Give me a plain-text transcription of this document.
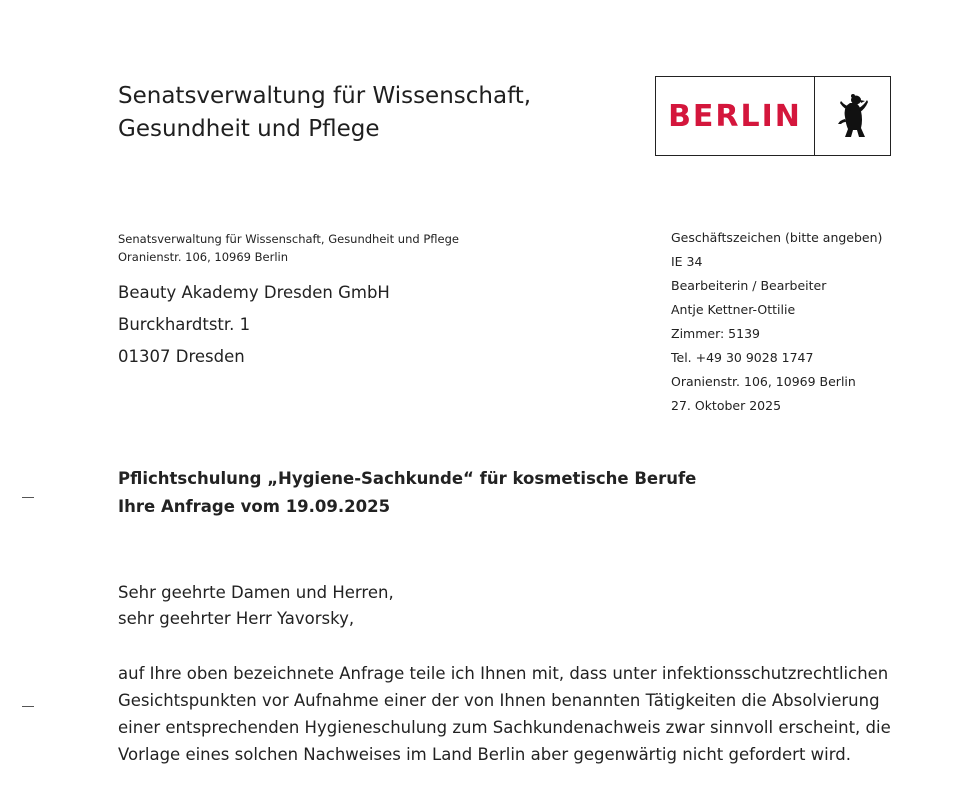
Senatsverwaltung für Wissenschaft,
Gesundheit und Pflege	BERLIN
Senatsverwaltung für Wissenschaft, Gesundheit und Pflege
Oranienstr. 106, 10969 Berlin
Beauty Akademy Dresden GmbH
Burckhardtstr. 1
01307 Dresden
Geschäftszeichen (bitte angeben)
IE 34
Bearbeiterin / Bearbeiter
Antje Kettner-Ottilie
Zimmer: 5139
Tel. +49 30 9028 1747
Oranienstr. 106, 10969 Berlin
27. Oktober 2025
Pflichtschulung „Hygiene-Sachkunde“ für kosmetische Berufe
Ihre Anfrage vom 19.09.2025
Sehr geehrte Damen und Herren,
sehr geehrter Herr Yavorsky,
auf Ihre oben bezeichnete Anfrage teile ich Ihnen mit, dass unter infektionsschutzrechtlichen
Gesichtspunkten vor Aufnahme einer der von Ihnen benannten Tätigkeiten die Absolvierung
einer entsprechenden Hygieneschulung zum Sachkundenachweis zwar sinnvoll erscheint, die
Vorlage eines solchen Nachweises im Land Berlin aber gegenwärtig nicht gefordert wird.
